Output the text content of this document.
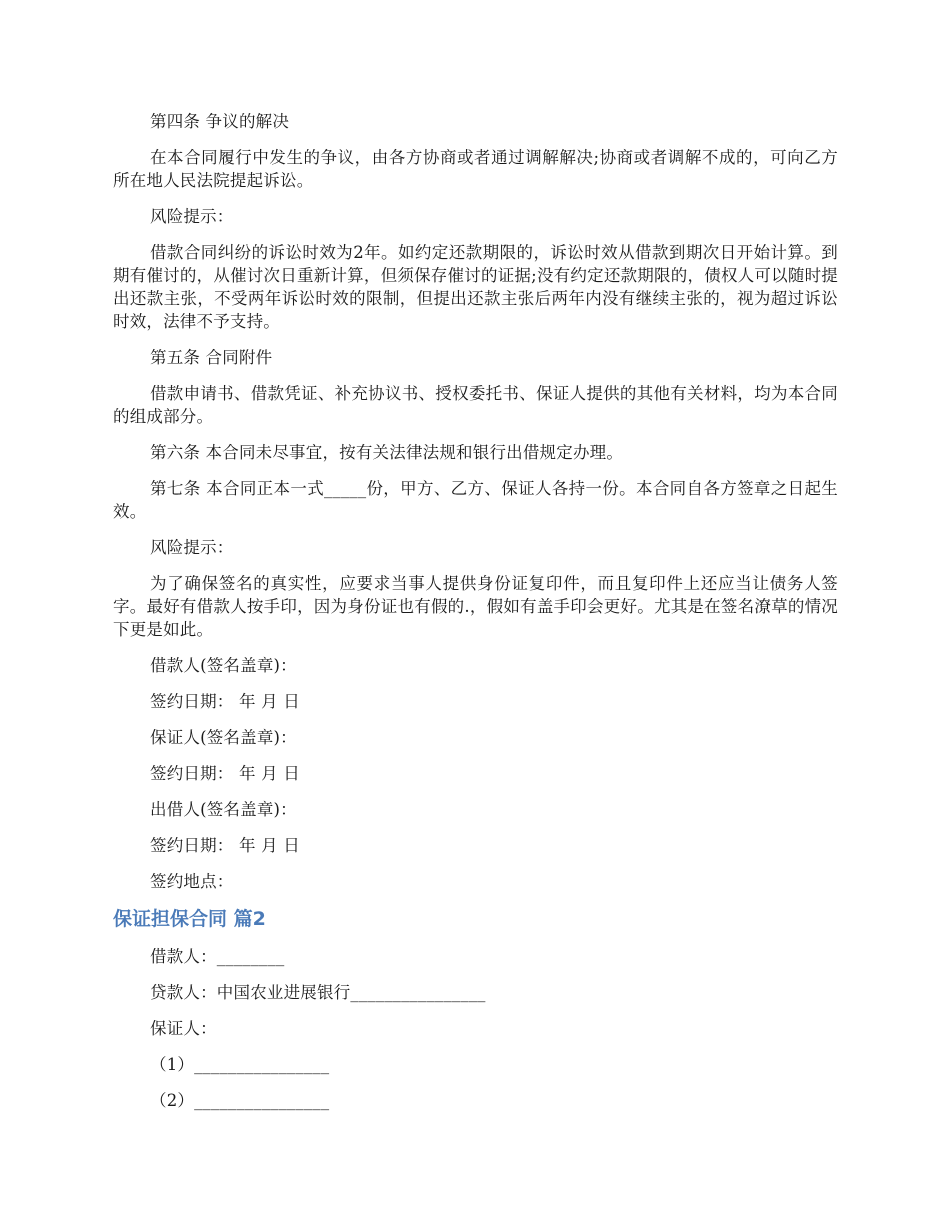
第四条 争议的解决

在本合同履行中发生的争议，由各方协商或者通过调解解决;协商或者调解不成的，可向乙方所在地人民法院提起诉讼。

风险提示：

借款合同纠纷的诉讼时效为2年。如约定还款期限的，诉讼时效从借款到期次日开始计算。到期有催讨的，从催讨次日重新计算，但须保存催讨的证据;没有约定还款期限的，债权人可以随时提出还款主张，不受两年诉讼时效的限制，但提出还款主张后两年内没有继续主张的，视为超过诉讼时效，法律不予支持。

第五条 合同附件

借款申请书、借款凭证、补充协议书、授权委托书、保证人提供的其他有关材料，均为本合同的组成部分。

第六条 本合同未尽事宜，按有关法律法规和银行出借规定办理。

第七条 本合同正本一式_____份，甲方、乙方、保证人各持一份。本合同自各方签章之日起生效。

风险提示：

为了确保签名的真实性，应要求当事人提供身份证复印件，而且复印件上还应当让债务人签字。最好有借款人按手印，因为身份证也有假的.，假如有盖手印会更好。尤其是在签名潦草的情况下更是如此。

借款人(签名盖章)：

签约日期： 年 月 日

保证人(签名盖章)：

签约日期： 年 月 日

出借人(签名盖章)：

签约日期： 年 月 日

签约地点：

保证担保合同 篇2

借款人：________

贷款人：中国农业进展银行________________

保证人：

（1）________________

（2）________________
